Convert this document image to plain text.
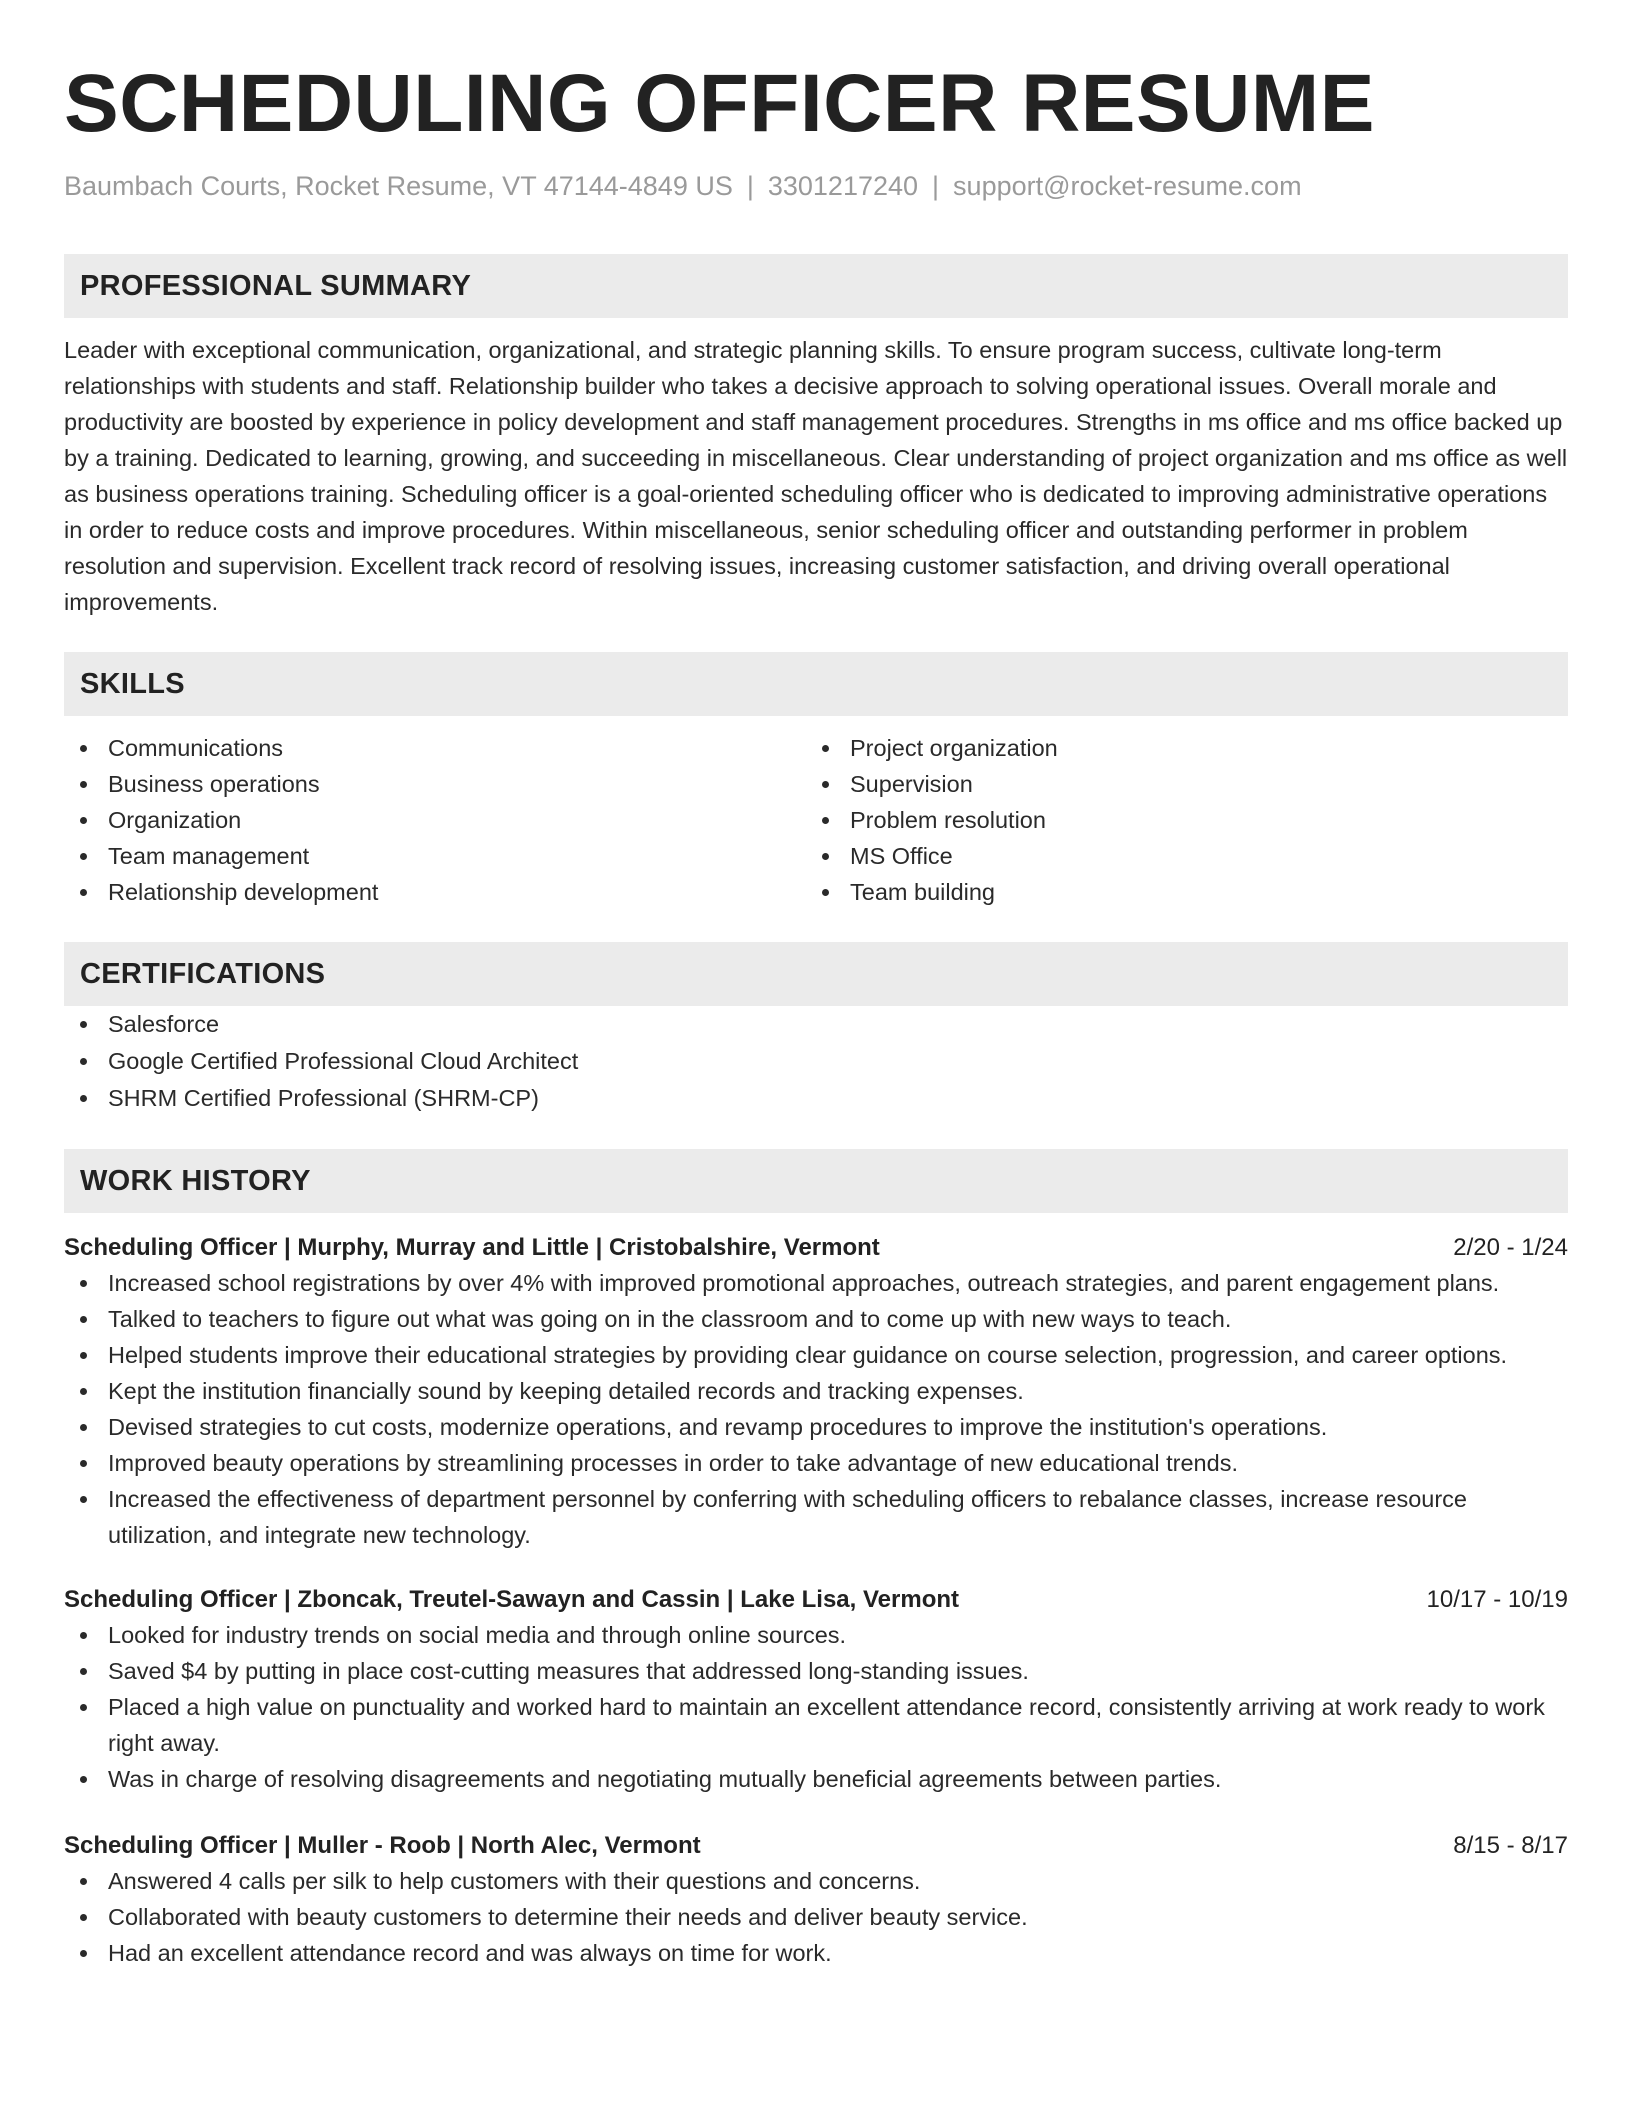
SCHEDULING OFFICER RESUME
Baumbach Courts, Rocket Resume, VT 47144-4849 US | 3301217240 | support@rocket-resume.com
PROFESSIONAL SUMMARY

Leader with exceptional communication, organizational, and strategic planning skills. To ensure program success, cultivate long-term relationships with students and staff. Relationship builder who takes a decisive approach to solving operational issues. Overall morale and productivity are boosted by experience in policy development and staff management procedures. Strengths in ms office and ms office backed up by a training. Dedicated to learning, growing, and succeeding in miscellaneous. Clear understanding of project organization and ms office as well as business operations training. Scheduling officer is a goal-oriented scheduling officer who is dedicated to improving administrative operations in order to reduce costs and improve procedures. Within miscellaneous, senior scheduling officer and outstanding performer in problem resolution and supervision. Excellent track record of resolving issues, increasing customer satisfaction, and driving overall operational improvements.

SKILLS
Communications
Business operations
Organization
Team management
Relationship development
Project organization
Supervision
Problem resolution
MS Office
Team building
CERTIFICATIONS
Salesforce
Google Certified Professional Cloud Architect
SHRM Certified Professional (SHRM-CP)
WORK HISTORY
Scheduling Officer | Murphy, Murray and Little | Cristobalshire, Vermont	2/20 - 1/24
Increased school registrations by over 4% with improved promotional approaches, outreach strategies, and parent engagement plans.
Talked to teachers to figure out what was going on in the classroom and to come up with new ways to teach.
Helped students improve their educational strategies by providing clear guidance on course selection, progression, and career options.
Kept the institution financially sound by keeping detailed records and tracking expenses.
Devised strategies to cut costs, modernize operations, and revamp procedures to improve the institution's operations.
Improved beauty operations by streamlining processes in order to take advantage of new educational trends.
Increased the effectiveness of department personnel by conferring with scheduling officers to rebalance classes, increase resource utilization, and integrate new technology.
Scheduling Officer | Zboncak, Treutel-Sawayn and Cassin | Lake Lisa, Vermont	10/17 - 10/19
Looked for industry trends on social media and through online sources.
Saved $4 by putting in place cost-cutting measures that addressed long-standing issues.
Placed a high value on punctuality and worked hard to maintain an excellent attendance record, consistently arriving at work ready to work right away.
Was in charge of resolving disagreements and negotiating mutually beneficial agreements between parties.
Scheduling Officer | Muller - Roob | North Alec, Vermont	8/15 - 8/17
Answered 4 calls per silk to help customers with their questions and concerns.
Collaborated with beauty customers to determine their needs and deliver beauty service.
Had an excellent attendance record and was always on time for work.
